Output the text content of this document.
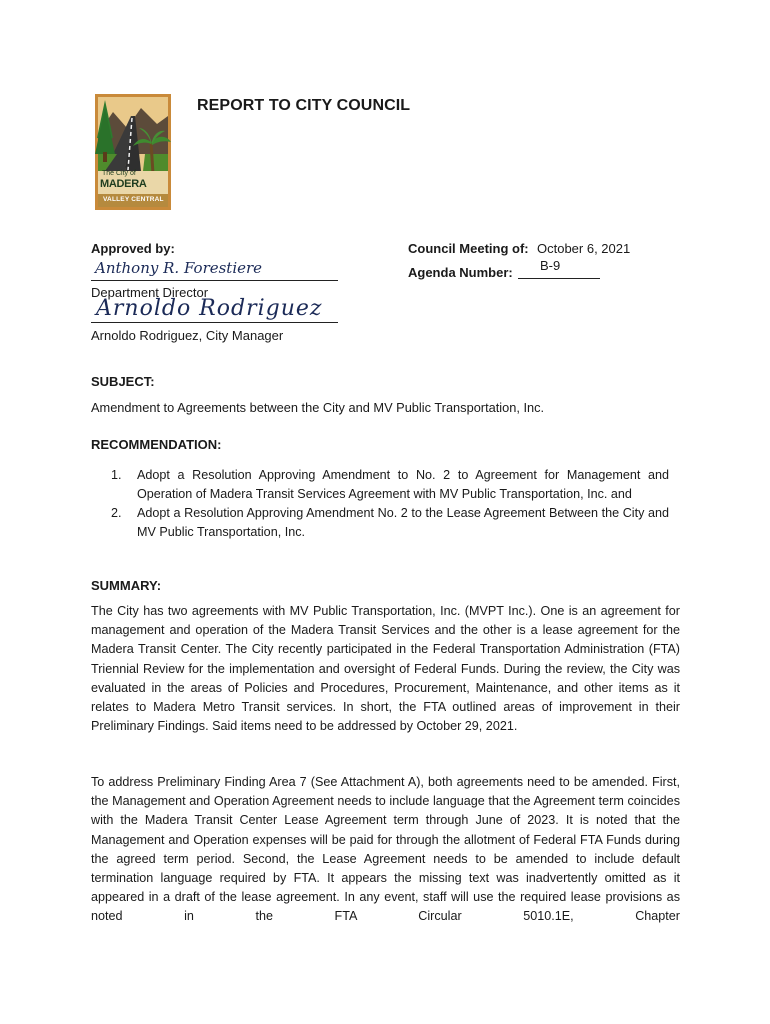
The City of
MADERA
VALLEY CENTRAL
REPORT TO CITY COUNCIL
Approved by:
Anthony R. Forestiere
Department Director
Arnoldo Rodriguez
Arnoldo Rodriguez, City Manager
Council Meeting of: October 6, 2021
Agenda Number: B-9
SUBJECT:
Amendment to Agreements between the City and MV Public Transportation, Inc.
RECOMMENDATION:
1. Adopt a Resolution Approving Amendment to No. 2 to Agreement for Management and Operation of Madera Transit Services Agreement with MV Public Transportation, Inc. and
2. Adopt a Resolution Approving Amendment No. 2 to the Lease Agreement Between the City and MV Public Transportation, Inc.
SUMMARY:
The City has two agreements with MV Public Transportation, Inc. (MVPT Inc.). One is an agreement for management and operation of the Madera Transit Services and the other is a lease agreement for the Madera Transit Center. The City recently participated in the Federal Transportation Administration (FTA) Triennial Review for the implementation and oversight of Federal Funds. During the review, the City was evaluated in the areas of Policies and Procedures, Procurement, Maintenance, and other items as it relates to Madera Metro Transit services. In short, the FTA outlined areas of improvement in their Preliminary Findings. Said items need to be addressed by October 29, 2021.
To address Preliminary Finding Area 7 (See Attachment A), both agreements need to be amended. First, the Management and Operation Agreement needs to include language that the Agreement term coincides with the Madera Transit Center Lease Agreement term through June of 2023. It is noted that the Management and Operation expenses will be paid for through the allotment of Federal FTA Funds during the agreed term period. Second, the Lease Agreement needs to be amended to include default termination language required by FTA. It appears the missing text was inadvertently omitted as it appeared in a draft of the lease agreement. In any event, staff will use the required lease provisions as noted in the FTA Circular 5010.1E, Chapter
